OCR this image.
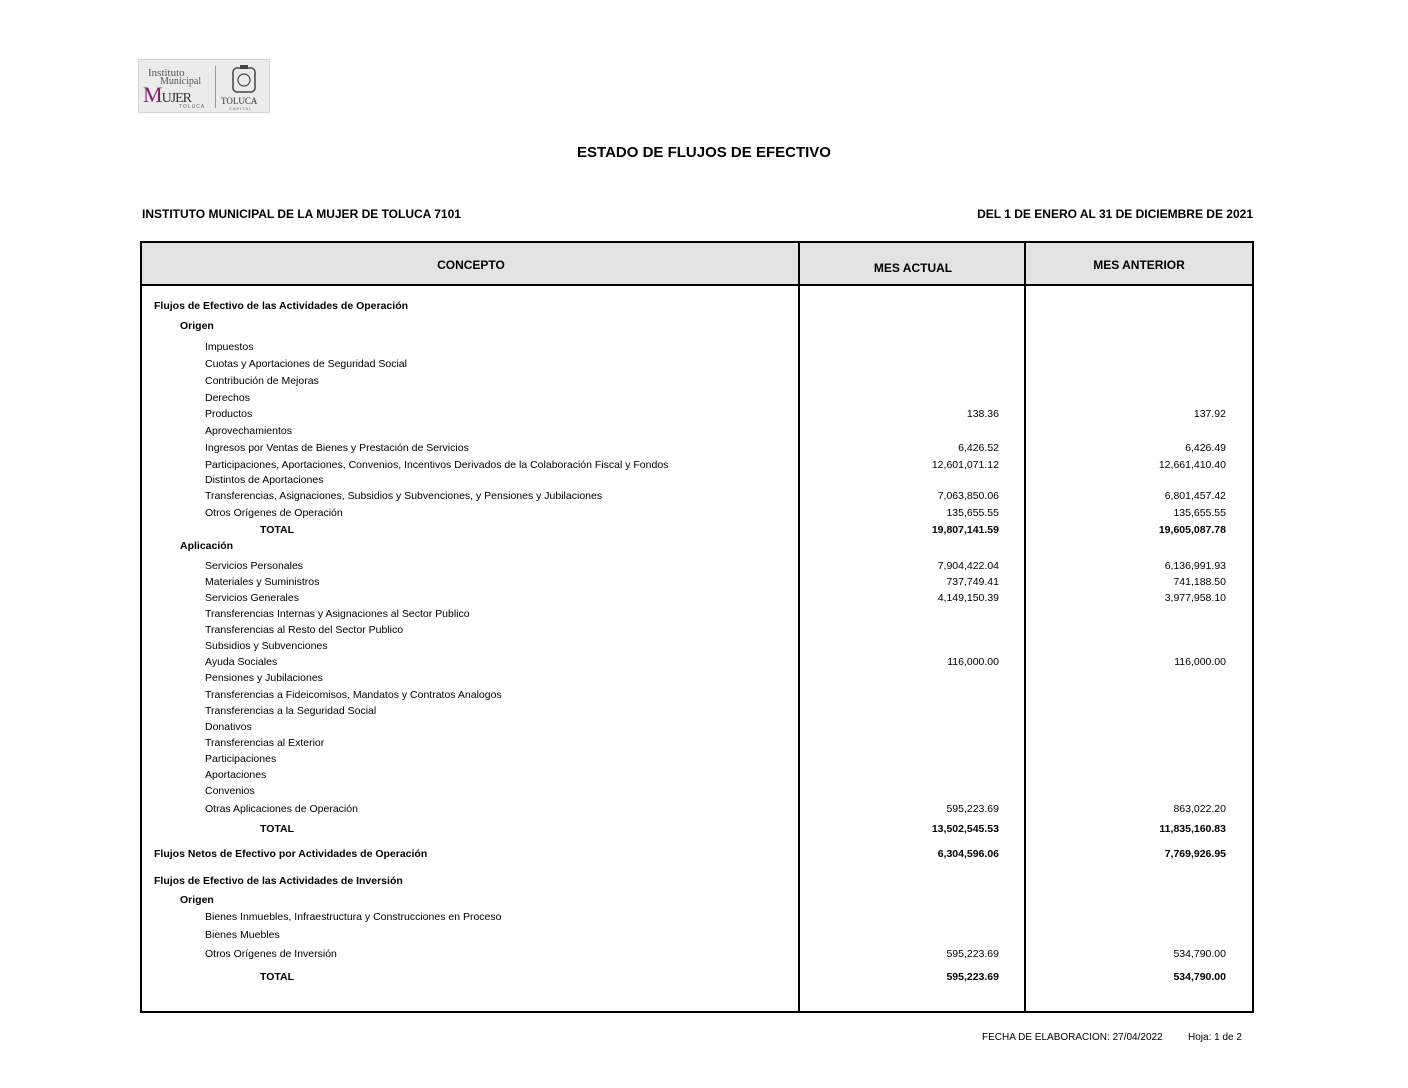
Instituto
Municipal
MUJER
TOLUCA
TOLUCA
CAPITAL
ESTADO DE FLUJOS DE EFECTIVO
INSTITUTO MUNICIPAL DE LA MUJER DE TOLUCA 7101	DEL 1 DE ENERO AL 31 DE DICIEMBRE DE 2021
CONCEPTO	MES ACTUAL	MES ANTERIOR
Flujos de Efectivo de las Actividades de Operación
Origen
Impuestos
Cuotas y Aportaciones de Seguridad Social
Contribución de Mejoras
Derechos
Productos	138.36	137.92
Aprovechamientos
Ingresos por Ventas de Bienes y Prestación de Servicios	6,426.52	6,426.49
Participaciones, Aportaciones, Convenios, Incentivos Derivados de la Colaboración Fiscal y Fondos	12,601,071.12	12,661,410.40
Distintos de Aportaciones
Transferencias, Asignaciones, Subsidios y Subvenciones, y Pensiones y Jubilaciones	7,063,850.06	6,801,457.42
Otros Orígenes de Operación	135,655.55	135,655.55
TOTAL	19,807,141.59	19,605,087.78
Aplicación
Servicios Personales	7,904,422.04	6,136,991.93
Materiales y Suministros	737,749.41	741,188.50
Servicios Generales	4,149,150.39	3,977,958.10
Transferencias Internas y Asignaciones al Sector Publico
Transferencias al Resto del Sector Publico
Subsidios y Subvenciones
Ayuda Sociales	116,000.00	116,000.00
Pensiones y Jubilaciones
Transferencias a Fideicomisos, Mandatos y Contratos Analogos
Transferencias a la Seguridad Social
Donativos
Transferencias al Exterior
Participaciones
Aportaciones
Convenios
Otras Aplicaciones de Operación	595,223.69	863,022.20
TOTAL	13,502,545.53	11,835,160.83
Flujos Netos de Efectivo por Actividades de Operación	6,304,596.06	7,769,926.95
Flujos de Efectivo de las Actividades de Inversión
Origen
Bienes Inmuebles, Infraestructura y Construcciones en Proceso
Bienes Muebles
Otros Orígenes de Inversión	595,223.69	534,790.00
TOTAL	595,223.69	534,790.00
FECHA DE ELABORACION: 27/04/2022	Hoja: 1 de 2
